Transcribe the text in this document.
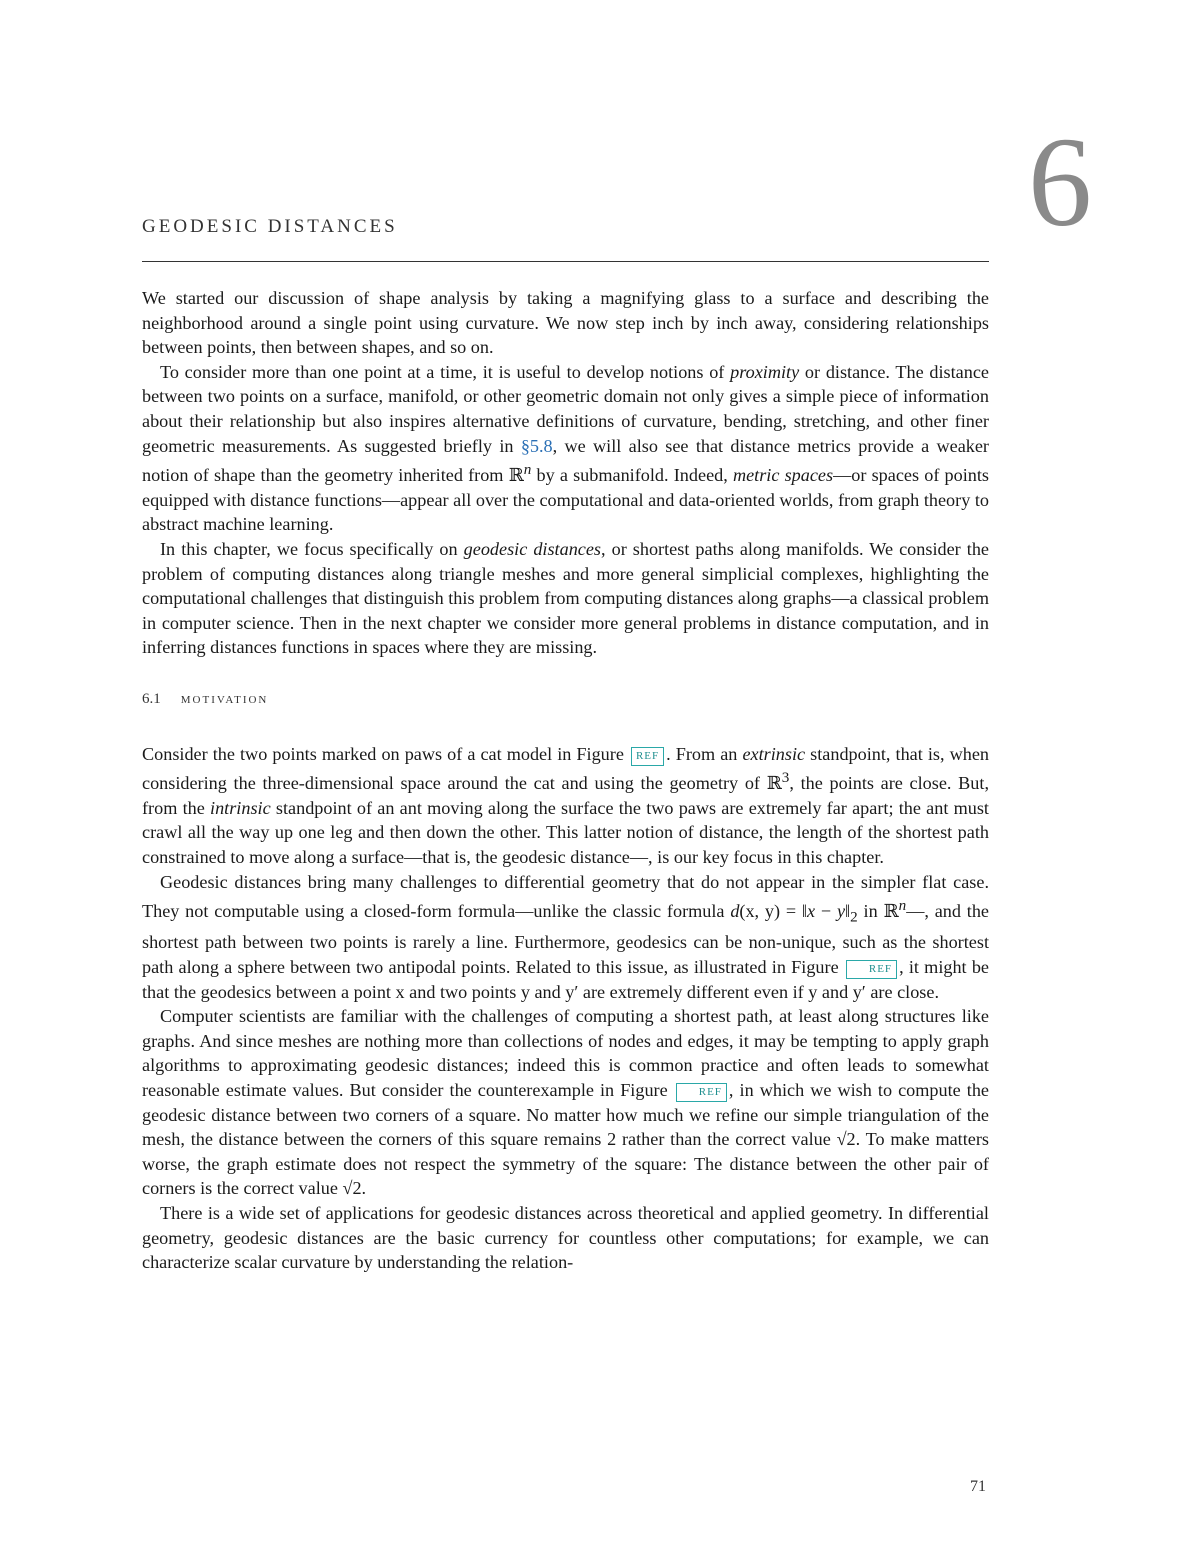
6
GEODESIC DISTANCES

We started our discussion of shape analysis by taking a magnifying glass to a surface and describing the neighborhood around a single point using curvature. We now step inch by inch away, considering relationships between points, then between shapes, and so on.

To consider more than one point at a time, it is useful to develop notions of proximity or distance. The distance between two points on a surface, manifold, or other geometric domain not only gives a simple piece of information about their relationship but also inspires alternative definitions of curvature, bending, stretching, and other finer geometric measurements. As suggested briefly in §5.8, we will also see that distance metrics provide a weaker notion of shape than the geometry inherited from ℝ$^n$ by a submanifold. Indeed, metric spaces—or spaces of points equipped with distance functions—appear all over the computational and data-oriented worlds, from graph theory to abstract machine learning.

In this chapter, we focus specifically on geodesic distances, or shortest paths along manifolds. We consider the problem of computing distances along triangle meshes and more general simplicial complexes, highlighting the computational challenges that distinguish this problem from computing distances along graphs—a classical problem in computer science. Then in the next chapter we consider more general problems in distance computation, and in inferring distances functions in spaces where they are missing.

6.1 motivation

Consider the two points marked on paws of a cat model in Figure REF . From an extrinsic standpoint, that is, when considering the three-dimensional space around the cat and using the geometry of ℝ$^3$, the points are close. But, from the intrinsic standpoint of an ant moving along the surface the two paws are extremely far apart; the ant must crawl all the way up one leg and then down the other. This latter notion of distance, the length of the shortest path constrained to move along a surface—that is, the geodesic distance—, is our key focus in this chapter.

Geodesic distances bring many challenges to differential geometry that do not appear in the simpler flat case. They not computable using a closed-form formula—unlike the classic formula d(x, y) = ‖x − $y‖_2$ in ℝ$^n$—, and the shortest path between two points is rarely a line. Furthermore, geodesics can be non-unique, such as the shortest path along a sphere between two antipodal points. Related to this issue, as illustrated in Figure REF , it might be that the geodesics between a point x and two points y and y′ are extremely different even if y and y′ are close.

Computer scientists are familiar with the challenges of computing a shortest path, at least along structures like graphs. And since meshes are nothing more than collections of nodes and edges, it may be tempting to apply graph algorithms to approximating geodesic distances; indeed this is common practice and often leads to somewhat reasonable estimate values. But consider the counterexample in Figure REF , in which we wish to compute the geodesic distance between two corners of a square. No matter how much we refine our simple triangulation of the mesh, the distance between the corners of this square remains 2 rather than the correct value √2. To make matters worse, the graph estimate does not respect the symmetry of the square: The distance between the other pair of corners is the correct value √2.

There is a wide set of applications for geodesic distances across theoretical and applied geometry. In differential geometry, geodesic distances are the basic currency for countless other computations; for example, we can characterize scalar curvature by understanding the relation-

71
